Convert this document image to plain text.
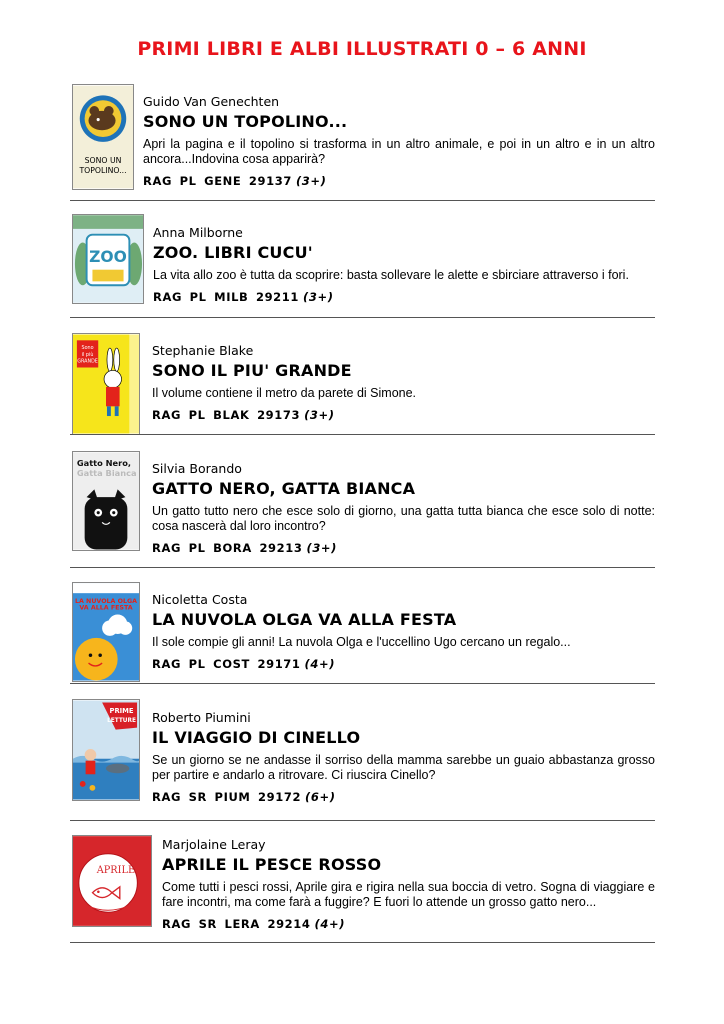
PRIMI LIBRI E ALBI ILLUSTRATI 0 – 6 ANNI
SONO UN
TOPOLINO...
Guido Van Genechten
SONO UN TOPOLINO...
Apri la pagina e il topolino si trasforma in un altro animale, e poi in un altro e in un altro ancora...Indovina cosa apparirà?
RAG PL GENE 29137 (3+)
ZOO
Anna Milborne
ZOO. LIBRI CUCU'
La vita allo zoo è tutta da scoprire: basta sollevare le alette e sbirciare attraverso i fori.
RAG PL MILB 29211 (3+)
Sono
il più
GRANDE
Stephanie Blake
SONO IL PIU' GRANDE
Il volume contiene il metro da parete di Simone.
RAG PL BLAK 29173 (3+)
Gatto Nero,
Gatta Bianca Silvia Borando
GATTO NERO, GATTA BIANCA
Un gatto tutto nero che esce solo di giorno, una gatta tutta bianca che esce solo di notte: cosa nascerà dal loro incontro?
RAG PL BORA 29213 (3+)
LA NUVOLA OLGA
VA ALLA FESTA
Nicoletta Costa
LA NUVOLA OLGA VA ALLA FESTA
Il sole compie gli anni! La nuvola Olga e l'uccellino Ugo cercano un regalo...
RAG PL COST 29171 (4+)
PRIME
LETTURE Roberto Piumini
IL VIAGGIO DI CINELLO
Se un giorno se ne andasse il sorriso della mamma sarebbe un guaio abbastanza grosso per partire e andarlo a ritrovare. Ci riuscira Cinello?
RAG SR PIUM 29172 (6+)
APRILE
Marjolaine Leray
APRILE IL PESCE ROSSO
Come tutti i pesci rossi, Aprile gira e rigira nella sua boccia di vetro. Sogna di viaggiare e fare incontri, ma come farà a fuggire? E fuori lo attende un grosso gatto nero...
RAG SR LERA 29214 (4+)
